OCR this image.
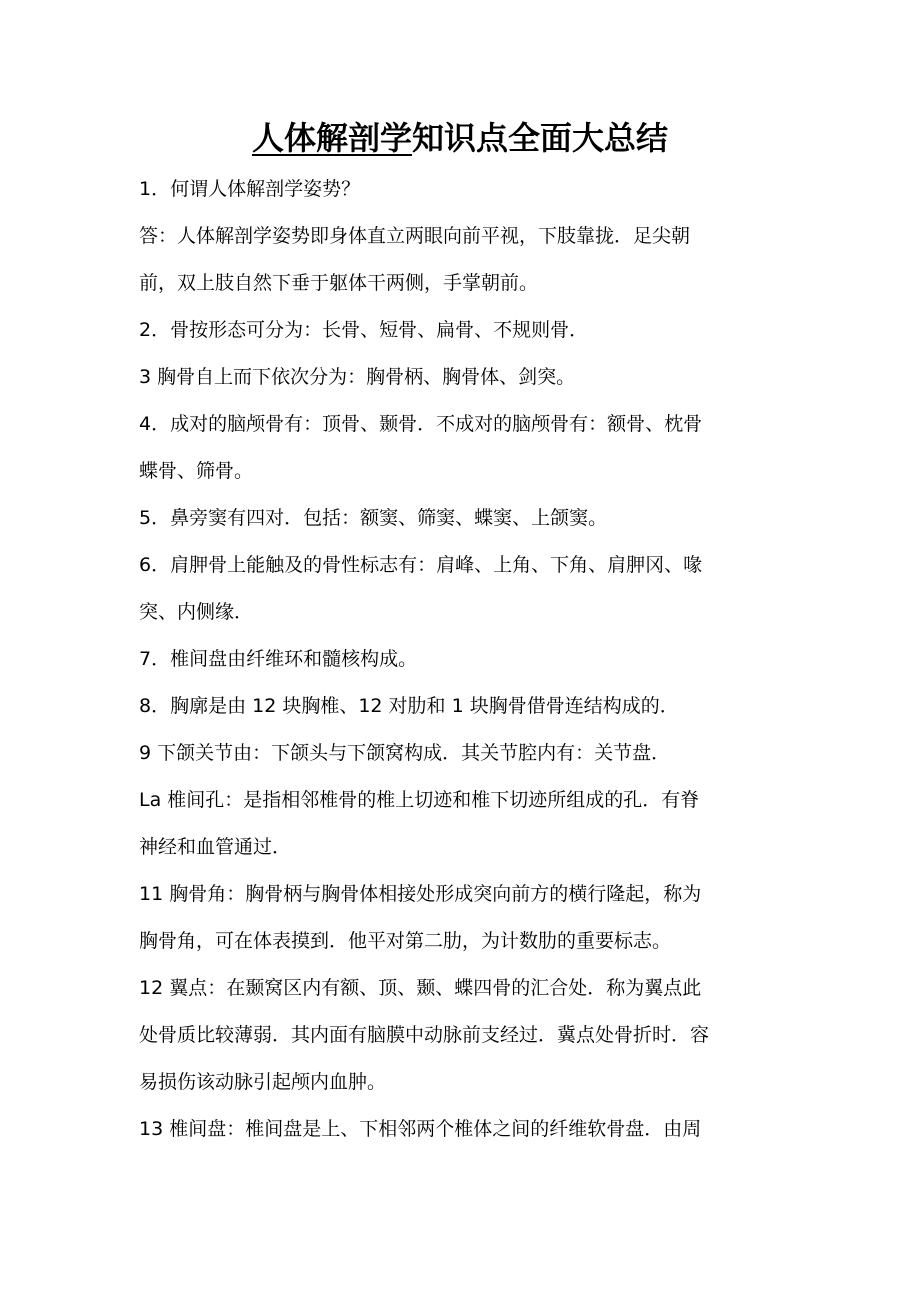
人体解剖学知识点全面大总结
1．何谓人体解剖学姿势？
答：人体解剖学姿势即身体直立两眼向前平视，下肢靠拢．足尖朝
前，双上肢自然下垂于躯体干两侧，手掌朝前。
2．骨按形态可分为：长骨、短骨、扁骨、不规则骨．
3 胸骨自上而下依次分为：胸骨柄、胸骨体、剑突。
4．成对的脑颅骨有：顶骨、颞骨．不成对的脑颅骨有：额骨、枕骨
蝶骨、筛骨。
5．鼻旁窦有四对．包括：额窦、筛窦、蝶窦、上颌窦。
6．肩胛骨上能触及的骨性标志有：肩峰、上角、下角、肩胛冈、喙
突、内侧缘．
7．椎间盘由纤维环和髓核构成。
8．胸廓是由 12 块胸椎、12 对肋和 1 块胸骨借骨连结构成的．
9 下颌关节由：下颌头与下颌窝构成．其关节腔内有：关节盘．
La 椎间孔：是指相邻椎骨的椎上切迹和椎下切迹所组成的孔．有脊
神经和血管通过．
11 胸骨角：胸骨柄与胸骨体相接处形成突向前方的横行隆起，称为
胸骨角，可在体表摸到．他平对第二肋，为计数肋的重要标志。
12 翼点：在颞窝区内有额、顶、颞、蝶四骨的汇合处．称为翼点此
处骨质比较薄弱．其内面有脑膜中动脉前支经过．冀点处骨折时．容
易损伤该动脉引起颅内血肿。
13 椎间盘：椎间盘是上、下相邻两个椎体之间的纤维软骨盘．由周
